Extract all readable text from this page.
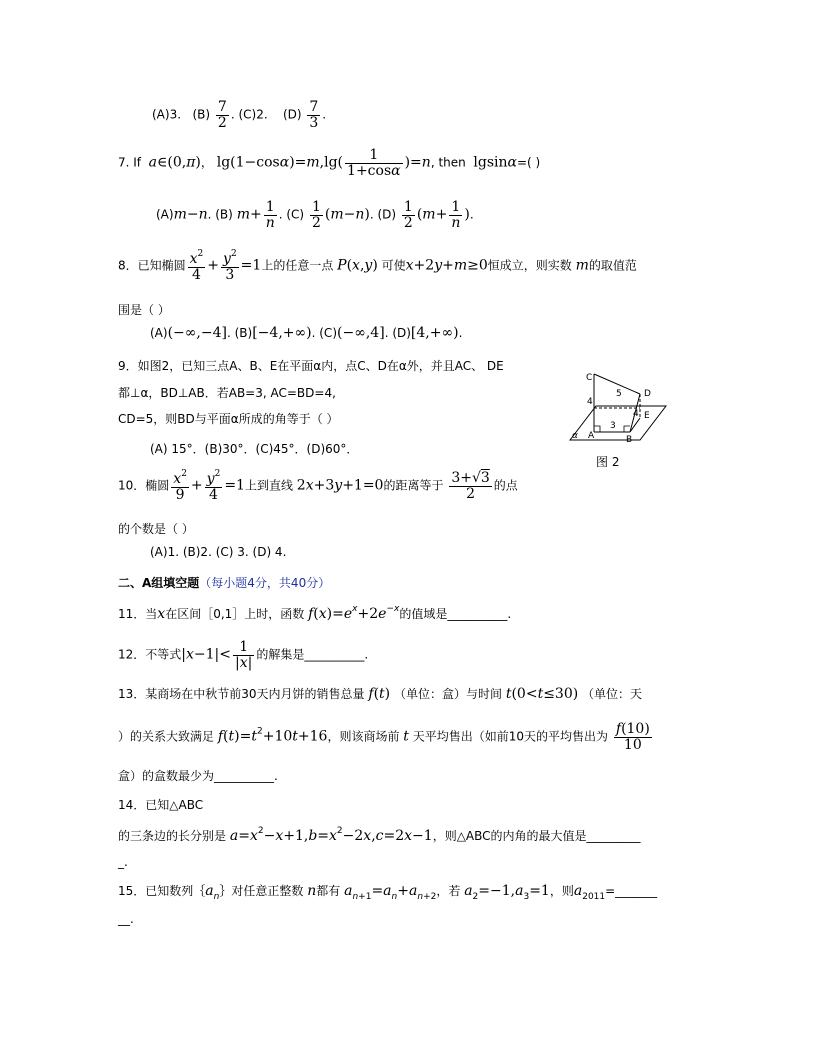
(A)3. $(B) \frac{7}{2}$ . (C)2. $(D) \frac{7}{3}$ .
7. If a∈(0,π)， $\lg(1-\cos\alpha)=m,\lg( \frac{1}{1+\cos\alpha} )=n$, then lgsinα=( )
(A)m−n. (B) $m+ \frac{1}{n}$ . $(C) \frac{1}{2} (m-n)$. $(D) \frac{1}{2} (m+ \frac{1}{n}$ ).
8．已知椭圆 $\frac{x^2}{4} + \frac{y^2}{3} =1$上的任意一点 P(x,y) 可使x+2y+m≥0恒成立，则实数 m的取值范
围是（ ）
(A)(−∞,−4]. (B)[−4,+∞). (C)(−∞,4]. (D)[4,+∞).
9．如图2，已知三点A、B、E在平面α内，点C、D在α外，并且AC、 DE
都⊥α，BD⊥AB．若AB=3, AC=BD=4,
CD=5，则BD与平面α所成的角等于（ ）
(A) 15°．(B)30°．(C)45°．(D)60°．
C
D
A	B
E
5
4
3
4
α
图 2
10．椭圆 $\frac{x^2}{9} + \frac{y^2}{4} =1$上到直线 2x+3y+1=0的距离等于 $\frac{3+√3}{2}$ 的点
的个数是（ ）
(A)1. (B)2. (C) 3. (D) 4.
二、A组填空题（每小题4分，共40分）
11．当x在区间［0,1］上时，函数 $f(x)=e^x+2e^{-x}$的值域是__________.
12．不等式$|x-1|< \frac{1}{|x|}$ 的解集是__________.
13．某商场在中秋节前30天内月饼的销售总量 f(t) （单位：盒）与时间 t(0<t≤30) （单位：天
）的关系大致满足 $f(t)=t^2+10t+16$，则该商场前 t 天平均售出（如前10天的平均售出为 $\frac{f(10)}{10}$
盒）的盒数最少为__________.
14．已知△ABC
的三条边的长分别是 $a=x^2-x+1,b=x^2-2x,c=2x-1$，则△ABC的内角的最大值是_________
_.
15．已知数列$\{a_n\}$对任意正整数 n都有 $a_{n+1}=a_n+a_{n+2}$，若 $a_2=-1,a_3=1$，则$a_{2011}=\_\_\_\_\_\_\_$
__.
